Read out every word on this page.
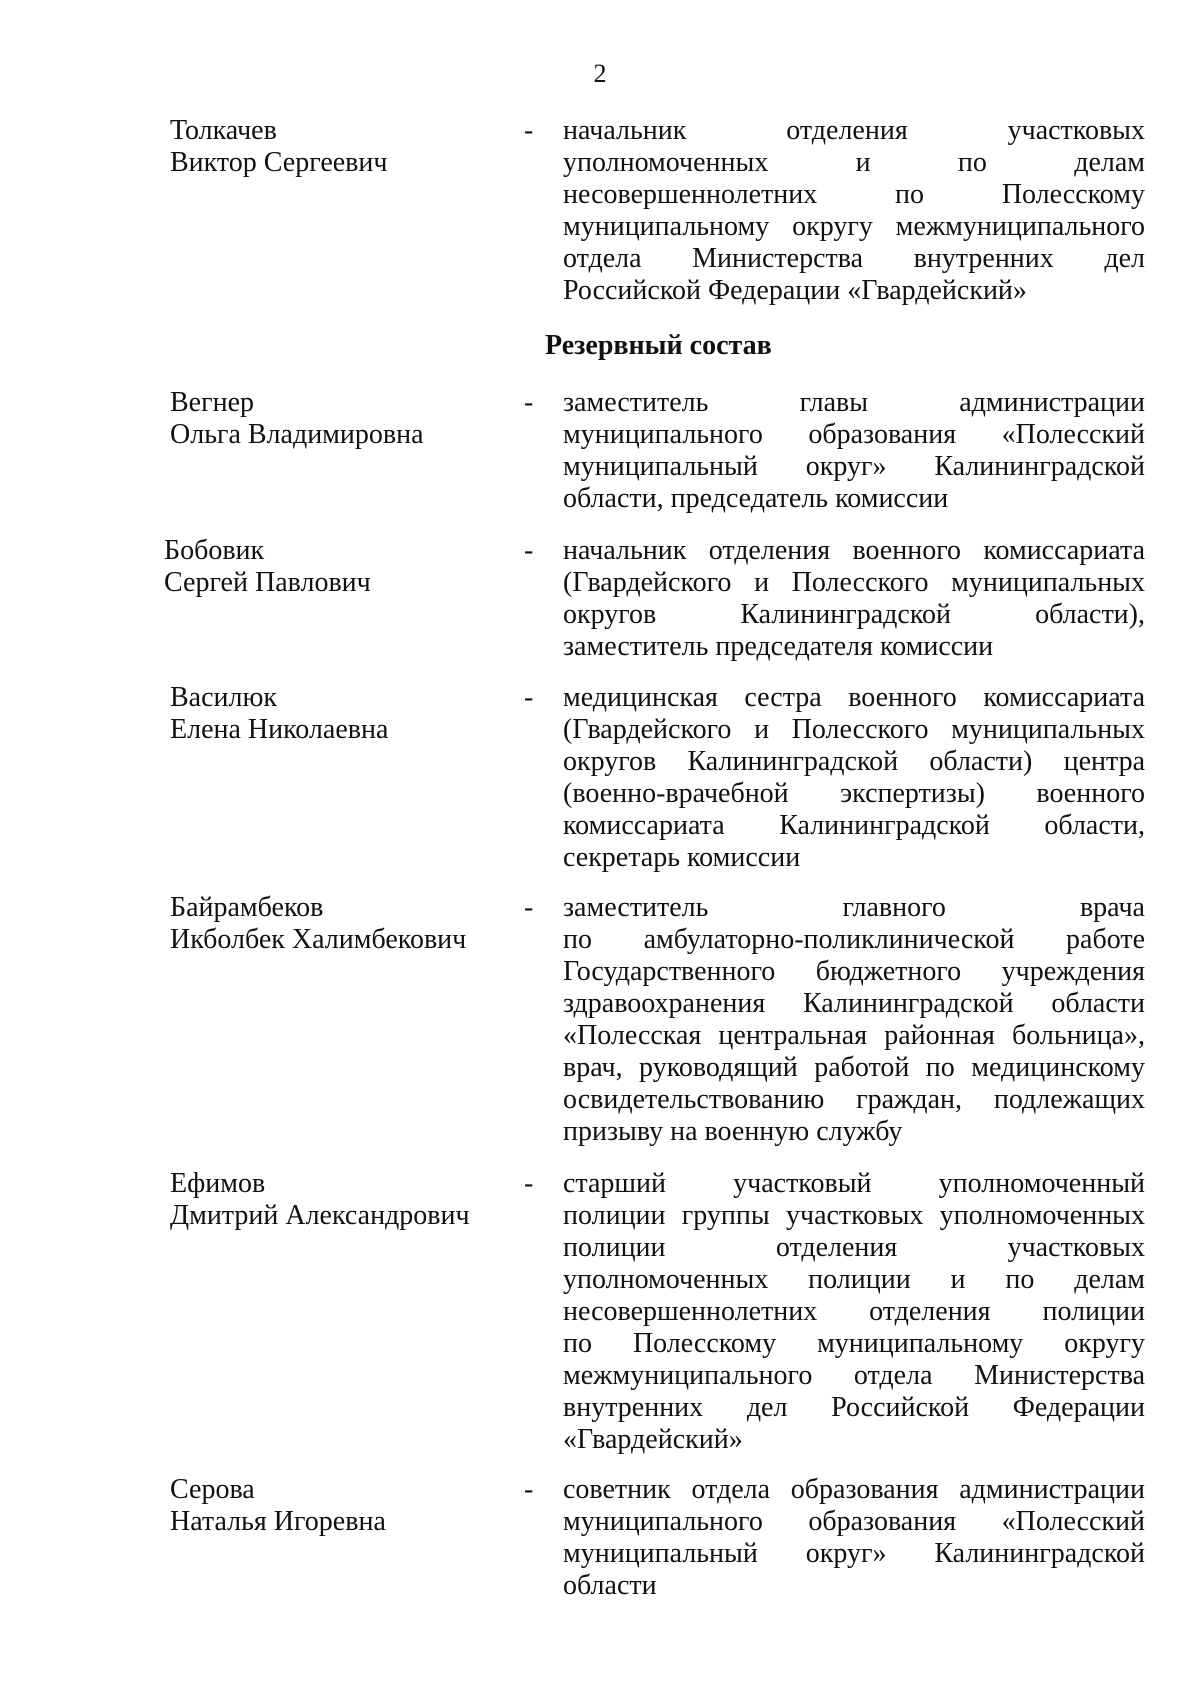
2
Толкачев
Виктор Сергеевич
- начальник отделения участковых
уполномоченных и по делам
несовершеннолетних по Полесскому
муниципальному округу межмуниципального
отдела Министерства внутренних дел
Российской Федерации «Гвардейский»
Резервный состав
Вегнер
Ольга Владимировна
- заместитель главы администрации
муниципального образования «Полесский
муниципальный округ» Калининградской
области, председатель комиссии
Бобовик
Сергей Павлович
- начальник отделения военного комиссариата
(Гвардейского и Полесского муниципальных
округов Калининградской области),
заместитель председателя комиссии
Василюк
Елена Николаевна
- медицинская сестра военного комиссариата
(Гвардейского и Полесского муниципальных
округов Калининградской области) центра
(военно-врачебной экспертизы) военного
комиссариата Калининградской области,
секретарь комиссии
Байрамбеков
Икболбек Халимбекович
- заместитель главного врача
по амбулаторно-поликлинической работе
Государственного бюджетного учреждения
здравоохранения Калининградской области
«Полесская центральная районная больница»,
врач, руководящий работой по медицинскому
освидетельствованию граждан, подлежащих
призыву на военную службу
Ефимов
Дмитрий Александрович
- старший участковый уполномоченный
полиции группы участковых уполномоченных
полиции отделения участковых
уполномоченных полиции и по делам
несовершеннолетних отделения полиции
по Полесскому муниципальному округу
межмуниципального отдела Министерства
внутренних дел Российской Федерации
«Гвардейский»
Серова
Наталья Игоревна
- советник отдела образования администрации
муниципального образования «Полесский
муниципальный округ» Калининградской
области
